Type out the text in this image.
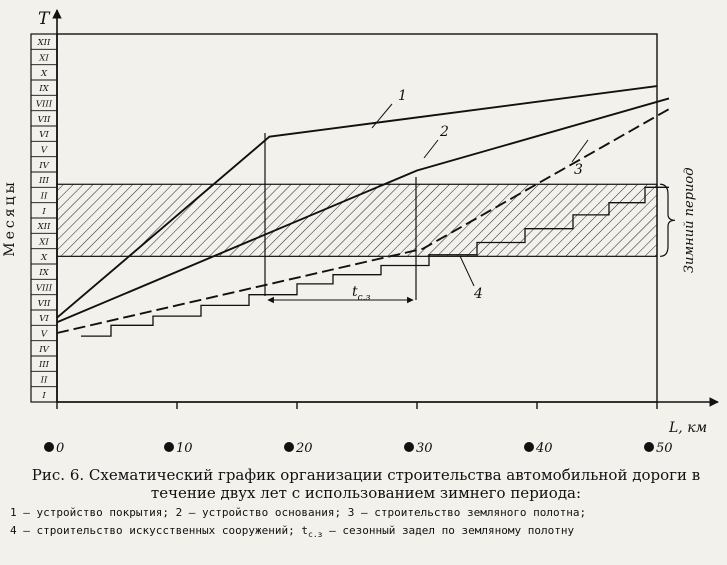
Зимний период
T
I
II
III
IV
V
VI
VII
VIII
IX
X
XI
XII
I
II
III
IV
V
VI
VII
VIII
IX
X
XI
XII
Месяцы
L, км
0	10	20	30	40	50
$t_{с.з}$
1
2
3
4
Рис. 6. Схематический график организации строительства автомобильной дороги в течение двух лет с использованием зимнего периода:
1 — устройство покрытия; 2 — устройство основания; 3 — строительство земляного полотна;
4 — строительство искусственных сооружений; $t_{с.з}$ — сезонный задел по земляному полотну
